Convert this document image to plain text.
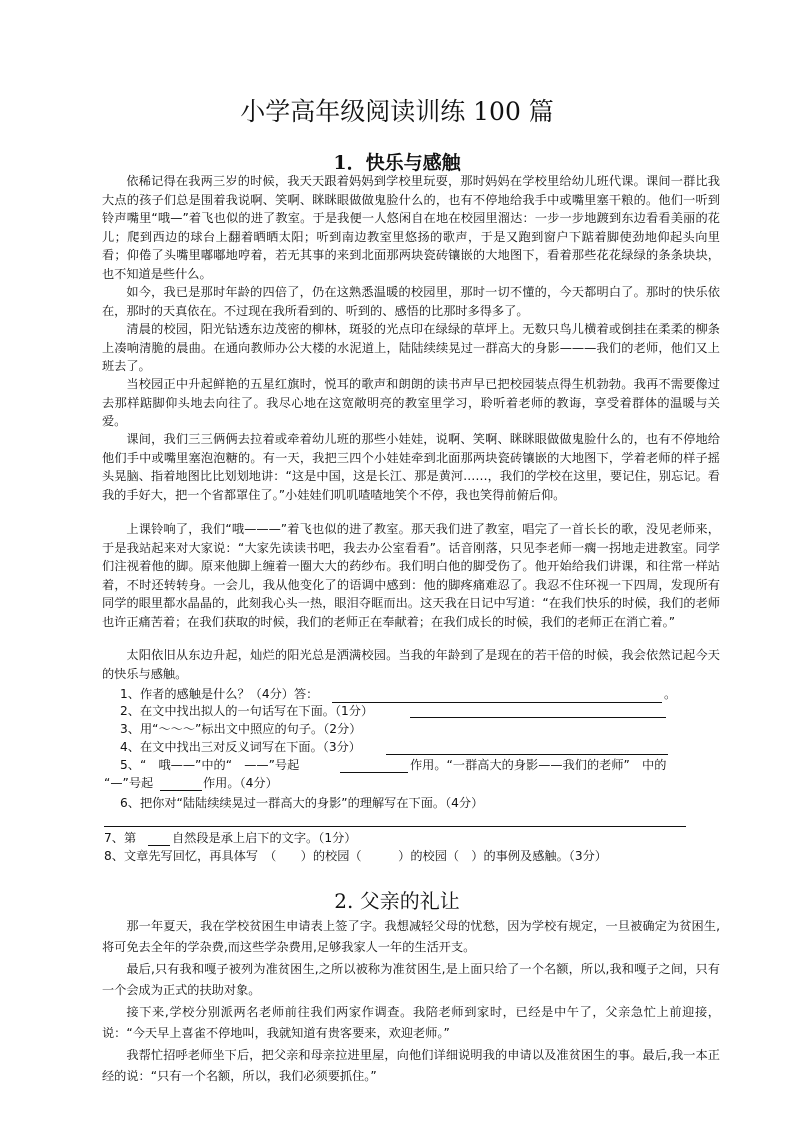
小学高年级阅读训练 100 篇
1．快乐与感触
依稀记得在我两三岁的时候，我天天跟着妈妈到学校里玩耍，那时妈妈在学校里给幼儿班代课。课间一群比我大点的孩子们总是围着我说啊、笑啊、眯眯眼做做鬼脸什么的，也有不停地给我手中或嘴里塞干粮的。他们一听到铃声嘴里“哦—”着飞也似的进了教室。于是我便一人悠闲自在地在校园里溜达：一步一步地踱到东边看看美丽的花儿；爬到西边的球台上翻着晒晒太阳；听到南边教室里悠扬的歌声，于是又跑到窗户下踮着脚使劲地仰起头向里看；仰倦了头嘴里嘟嘟地哼着，若无其事的来到北面那两块瓷砖镶嵌的大地图下，看着那些花花绿绿的条条块块，也不知道是些什么。
如今，我已是那时年龄的四倍了，仍在这熟悉温暖的校园里，那时一切不懂的，今天都明白了。那时的快乐依在，那时的天真依在。不过现在我所看到的、听到的、感悟的比那时多得多了。
清晨的校园，阳光钻透东边茂密的柳林，斑驳的光点印在绿绿的草坪上。无数只鸟儿横着或倒挂在柔柔的柳条上凑响清脆的晨曲。在通向教师办公大楼的水泥道上，陆陆续续晃过一群高大的身影———我们的老师，他们又上班去了。
当校园正中升起鲜艳的五星红旗时，悦耳的歌声和朗朗的读书声早已把校园装点得生机勃勃。我再不需要像过去那样踮脚仰头地去向往了。我尽心地在这宽敞明亮的教室里学习，聆听着老师的教诲，享受着群体的温暖与关爱。
课间，我们三三俩俩去拉着或牵着幼儿班的那些小娃娃，说啊、笑啊、眯眯眼做做鬼脸什么的，也有不停地给他们手中或嘴里塞泡泡糖的。有一天，我把三四个小娃娃牵到北面那两块瓷砖镶嵌的大地图下，学着老师的样子摇头晃脑、指着地图比比划划地讲：“这是中国，这是长江、那是黄河……，我们的学校在这里，要记住，别忘记。看我的手好大，把一个省都罩住了。”小娃娃们叽叽喳喳地笑个不停，我也笑得前俯后仰。
上课铃响了，我们“哦———”着飞也似的进了教室。那天我们进了教室，唱完了一首长长的歌，没见老师来，于是我站起来对大家说：“大家先读读书吧，我去办公室看看”。话音刚落，只见李老师一瘸一拐地走进教室。同学们注视着他的脚。原来他脚上缠着一圈大大的药纱布。我们明白他的脚受伤了。他开始给我们讲课，和往常一样站着，不时还转转身。一会儿，我从他变化了的语调中感到：他的脚疼痛难忍了。我忍不住环视一下四周，发现所有同学的眼里都水晶晶的，此刻我心头一热，眼泪夺眶而出。这天我在日记中写道：“在我们快乐的时候，我们的老师也许正痛苦着；在我们获取的时候，我们的老师正在奉献着；在我们成长的时候，我们的老师正在消亡着。”
太阳依旧从东边升起，灿烂的阳光总是洒满校园。当我的年龄到了是现在的若干倍的时候，我会依然记起今天的快乐与感触。
1、作者的感触是什么？（4分）答：	。
2、在文中找出拟人的一句话写在下面。（1分）
3、用“～～～”标出文中照应的句子。（2分）
4、在文中找出三对反义词写在下面。（3分）
5、“　哦——”中的“　——”号起	作用。“一群高大的身影——我们的老师”　中的
“—”号起	作用。（4分）
6、把你对“陆陆续续晃过一群高大的身影”的理解写在下面。（4分）
7、第　 自然段是承上启下的文字。（1分）
8、文章先写回忆，再具体写　（　　）的校园（　　　）的校园（　）的事例及感触。（3分）
2. 父亲的礼让
那一年夏天，我在学校贫困生申请表上签了字。我想减轻父母的忧愁，因为学校有规定，一旦被确定为贫困生,将可免去全年的学杂费,而这些学杂费用,足够我家人一年的生活开支。
最后,只有我和嘎子被列为准贫困生,之所以被称为准贫困生,是上面只给了一个名额，所以,我和嘎子之间，只有一个会成为正式的扶助对象。
接下来,学校分别派两名老师前往我们两家作调查。我陪老师到家时，已经是中午了，父亲急忙上前迎接，说：“今天早上喜雀不停地叫，我就知道有贵客要来，欢迎老师。”
我帮忙招呼老师坐下后，把父亲和母亲拉进里屋，向他们详细说明我的申请以及准贫困生的事。最后,我一本正经的说：“只有一个名额，所以，我们必须要抓住。”
